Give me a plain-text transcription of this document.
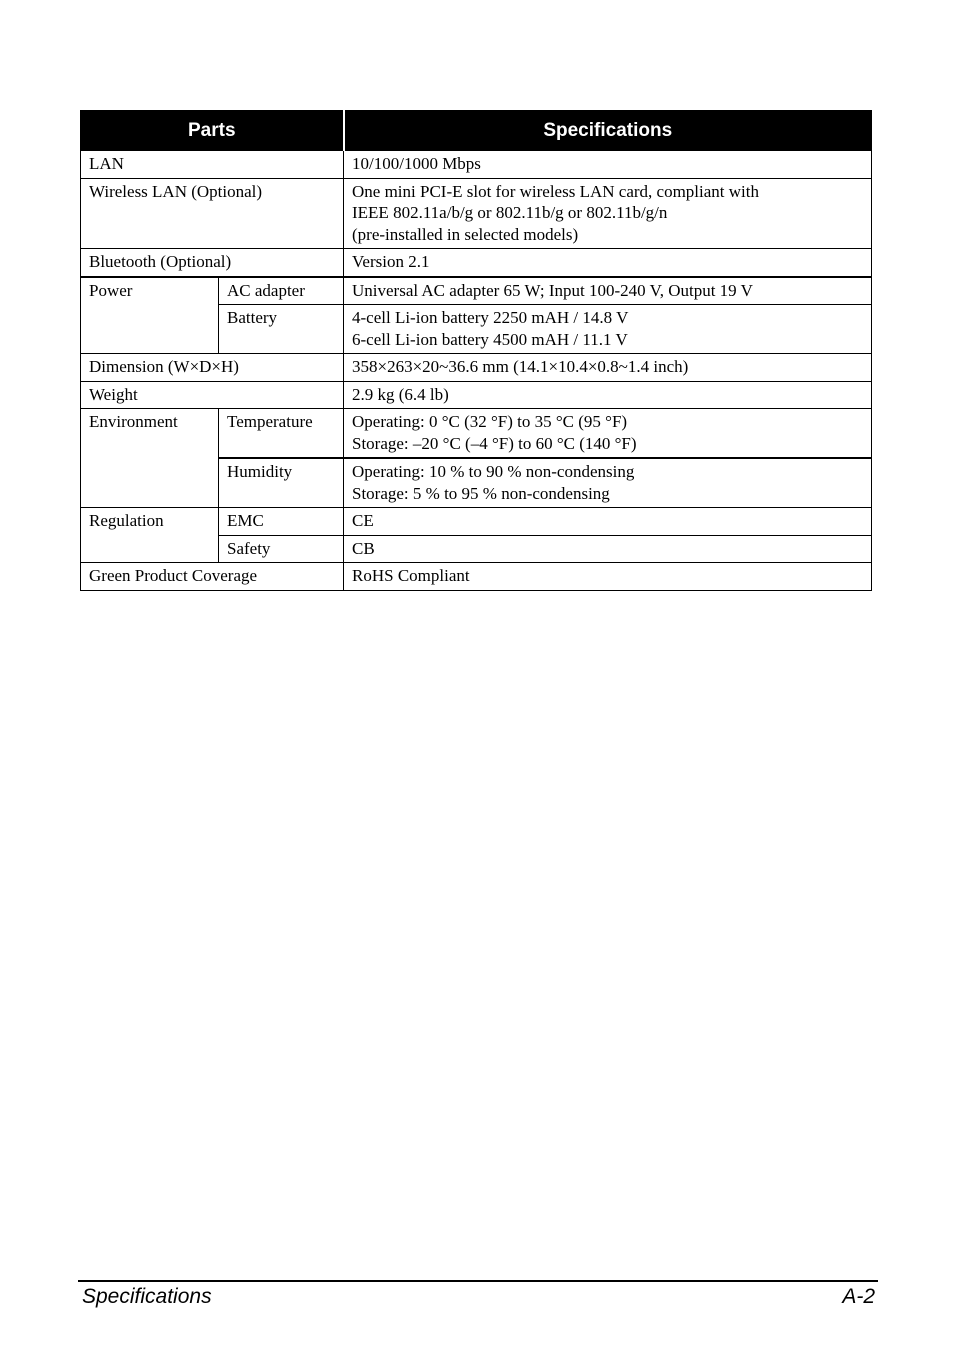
Parts		Specifications
LAN		10/100/1000 Mbps
Wireless LAN (Optional)		One mini PCI-E slot for wireless LAN card, compliant with
IEEE 802.11a/b/g or 802.11b/g or 802.11b/g/n
(pre-installed in selected models)

Bluetooth (Optional)		Version 2.1
Power	AC adapter	Universal AC adapter 65 W; Input 100-240 V, Output 19 V
	Battery	4-cell Li-ion battery 2250 mAH / 14.8 V
6-cell Li-ion battery 4500 mAH / 11.1 V

Dimension (W×D×H)		358×263×20~36.6 mm (14.1×10.4×0.8~1.4 inch)
Weight		2.9 kg (6.4 lb)
Environment	Temperature	Operating: 0 °C (32 °F) to 35 °C (95 °F)
Storage: –20 °C (–4 °F) to 60 °C (140 °F)

	Humidity	Operating: 10 % to 90 % non-condensing
Storage: 5 % to 95 % non-condensing

Regulation	EMC	CE
	Safety	CB
Green Product Coverage		RoHS Compliant
Specifications	A-2
